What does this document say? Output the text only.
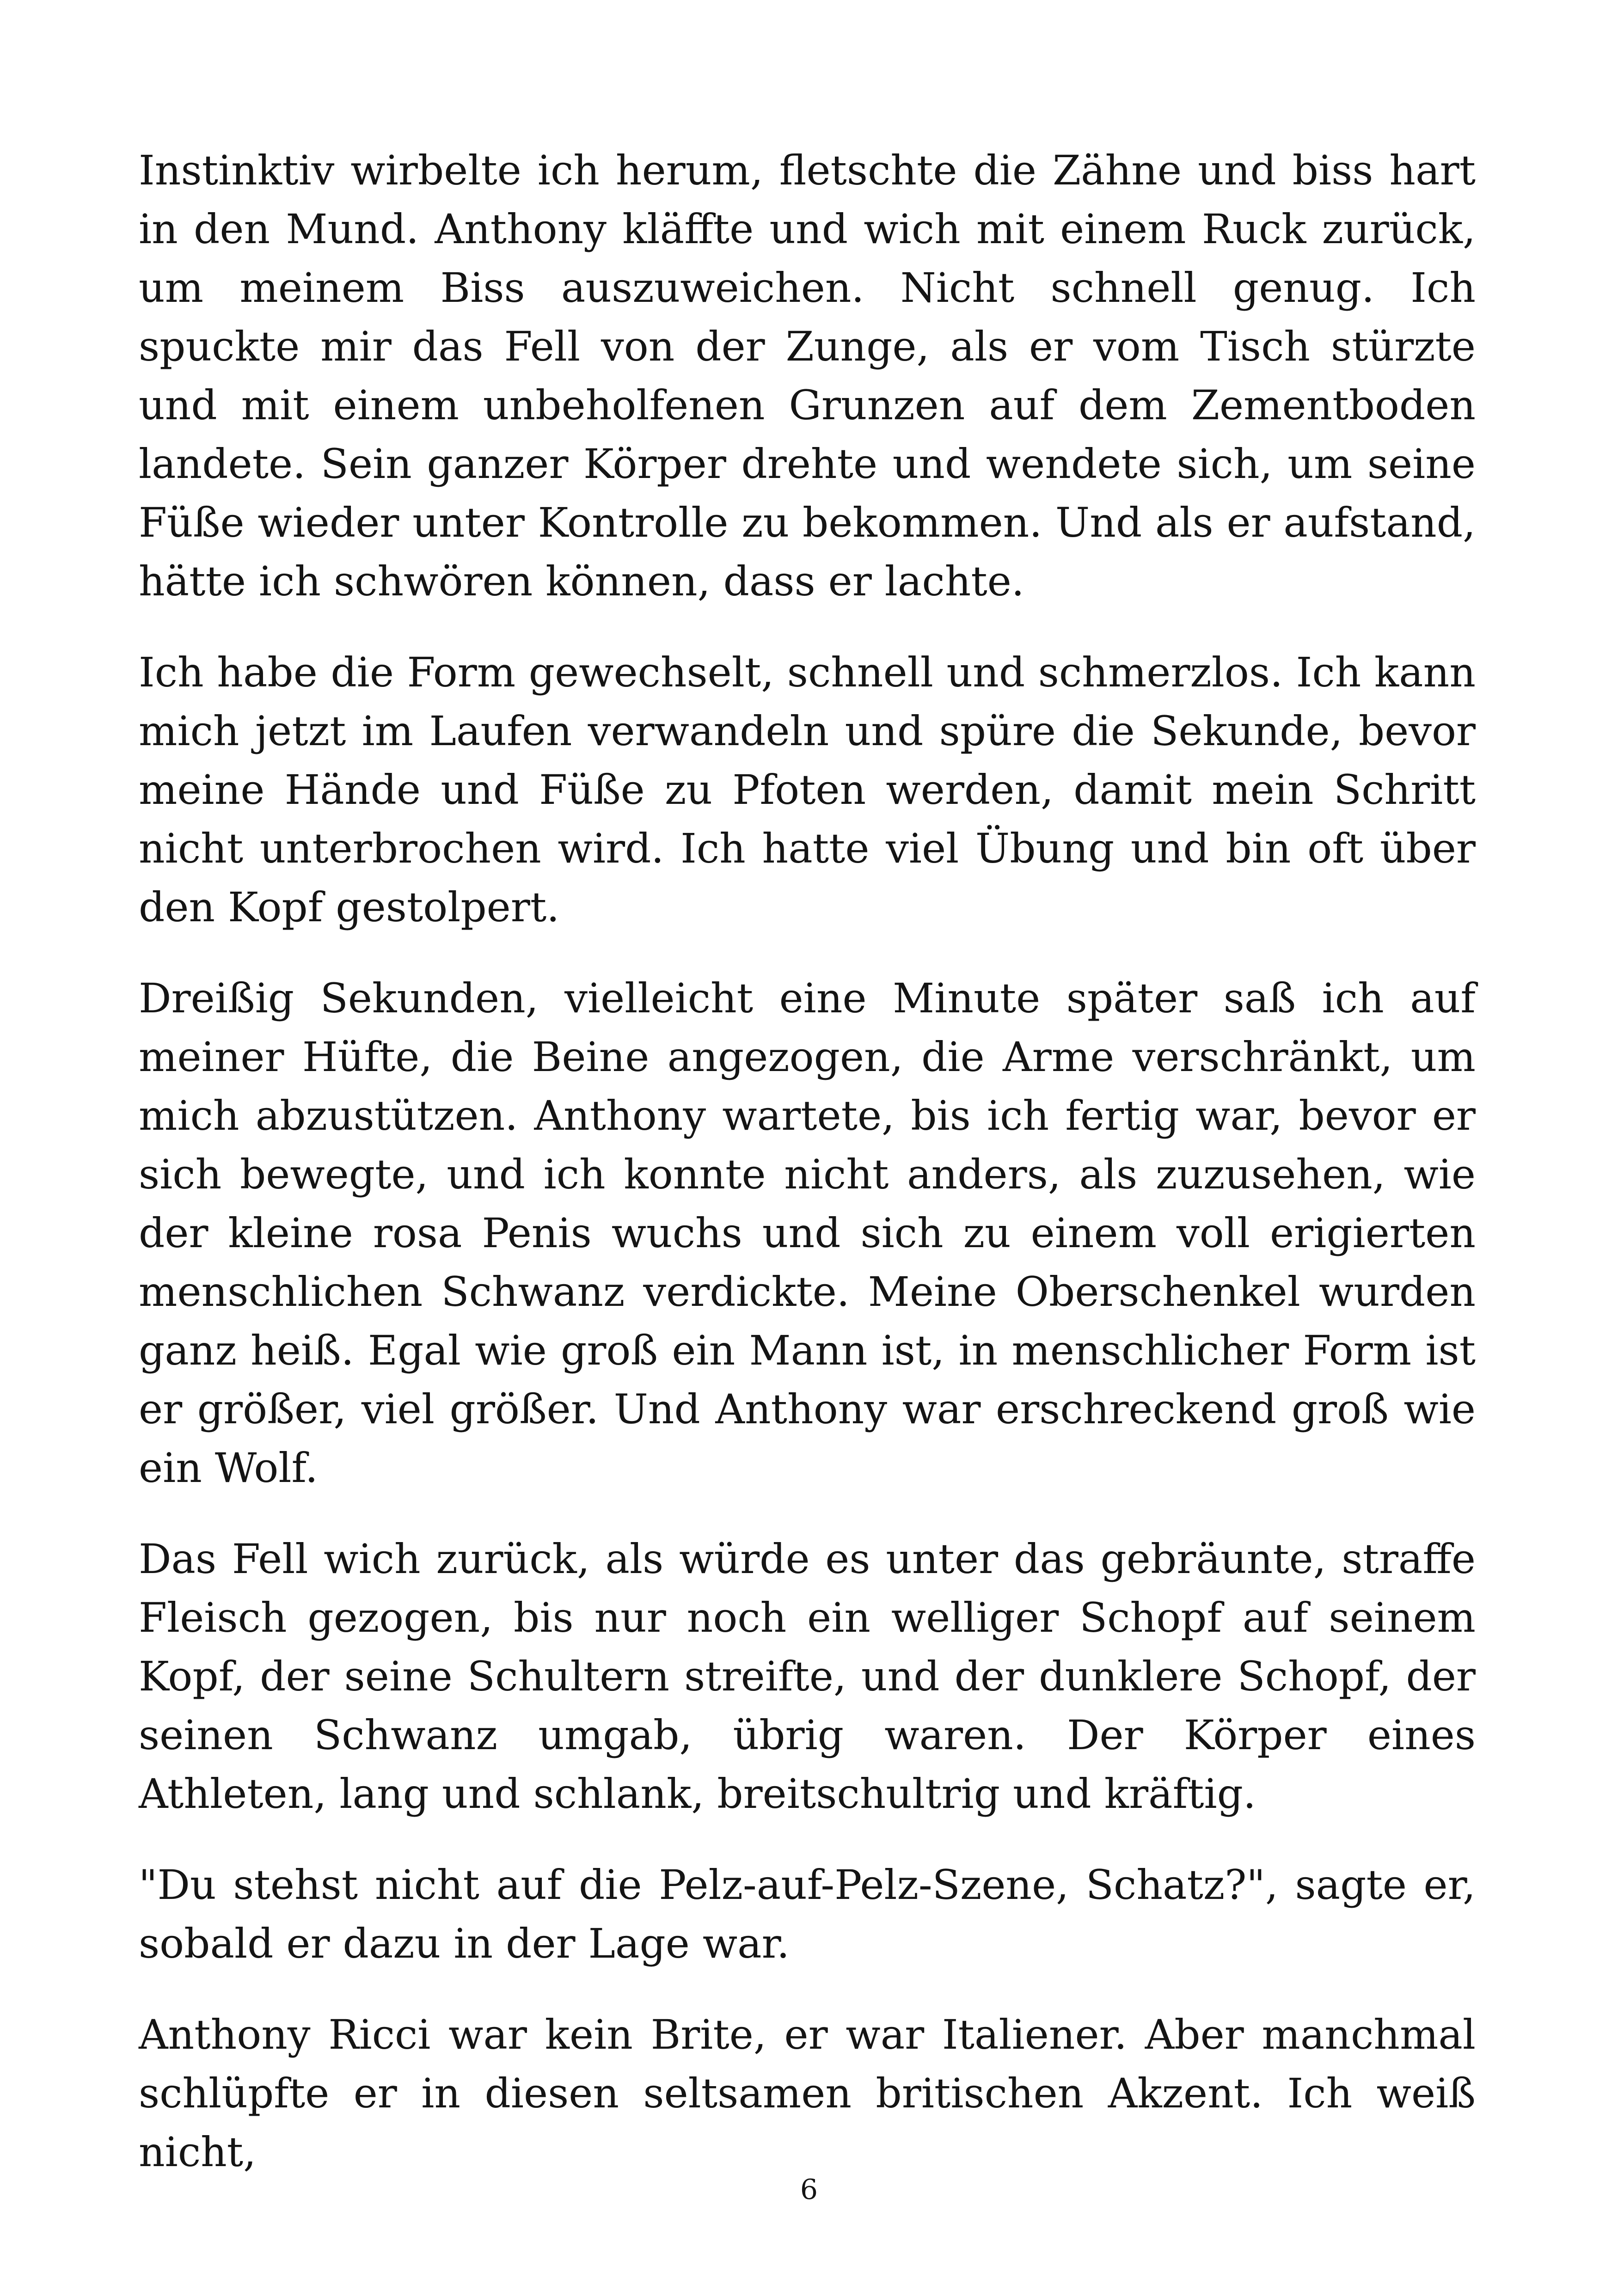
Instinktiv wirbelte ich herum, fletschte die Zähne und biss hart in den Mund. Anthony kläffte und wich mit einem Ruck zurück, um meinem Biss auszuweichen. Nicht schnell genug. Ich spuckte mir das Fell von der Zunge, als er vom Tisch stürzte und mit einem unbeholfenen Grunzen auf dem Zementboden landete. Sein ganzer Körper drehte und wendete sich, um seine Füße wieder unter Kontrolle zu bekommen. Und als er aufstand, hätte ich schwören können, dass er lachte.

Ich habe die Form gewechselt, schnell und schmerzlos. Ich kann mich jetzt im Laufen verwandeln und spüre die Sekunde, bevor meine Hände und Füße zu Pfoten werden, damit mein Schritt nicht unterbrochen wird. Ich hatte viel Übung und bin oft über den Kopf gestolpert.

Dreißig Sekunden, vielleicht eine Minute später saß ich auf meiner Hüfte, die Beine angezogen, die Arme verschränkt, um mich abzustützen. Anthony wartete, bis ich fertig war, bevor er sich bewegte, und ich konnte nicht anders, als zuzusehen, wie der kleine rosa Penis wuchs und sich zu einem voll erigierten menschlichen Schwanz verdickte. Meine Oberschenkel wurden ganz heiß. Egal wie groß ein Mann ist, in menschlicher Form ist er größer, viel größer. Und Anthony war erschreckend groß wie ein Wolf.

Das Fell wich zurück, als würde es unter das gebräunte, straffe Fleisch gezogen, bis nur noch ein welliger Schopf auf seinem Kopf, der seine Schultern streifte, und der dunklere Schopf, der seinen Schwanz umgab, übrig waren. Der Körper eines Athleten, lang und schlank, breitschultrig und kräftig.

"Du stehst nicht auf die Pelz-auf-Pelz-Szene, Schatz?", sagte er, sobald er dazu in der Lage war.

Anthony Ricci war kein Brite, er war Italiener. Aber manchmal schlüpfte er in diesen seltsamen britischen Akzent. Ich weiß nicht,

6
